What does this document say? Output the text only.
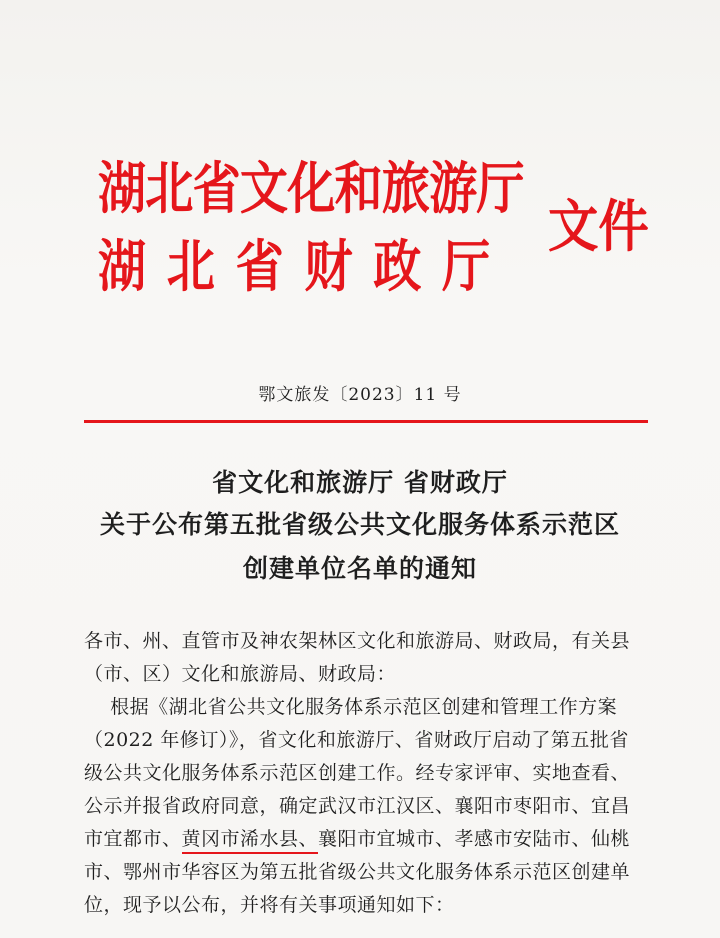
湖北省文化和旅游厅
湖北省财政厅
文件
鄂文旅发〔2023〕11 号
省文化和旅游厅 省财政厅
关于公布第五批省级公共文化服务体系示范区
创建单位名单的通知
各市、州、直管市及神农架林区文化和旅游局、财政局，有关县
（市、区）文化和旅游局、财政局：
根据《湖北省公共文化服务体系示范区创建和管理工作方案
（2022 年修订）》，省文化和旅游厅、省财政厅启动了第五批省
级公共文化服务体系示范区创建工作。经专家评审、实地查看、
公示并报省政府同意，确定武汉市江汉区、襄阳市枣阳市、宜昌
市宜都市、黄冈市浠水县、襄阳市宜城市、孝感市安陆市、仙桃
市、鄂州市华容区为第五批省级公共文化服务体系示范区创建单
位，现予以公布，并将有关事项通知如下：
